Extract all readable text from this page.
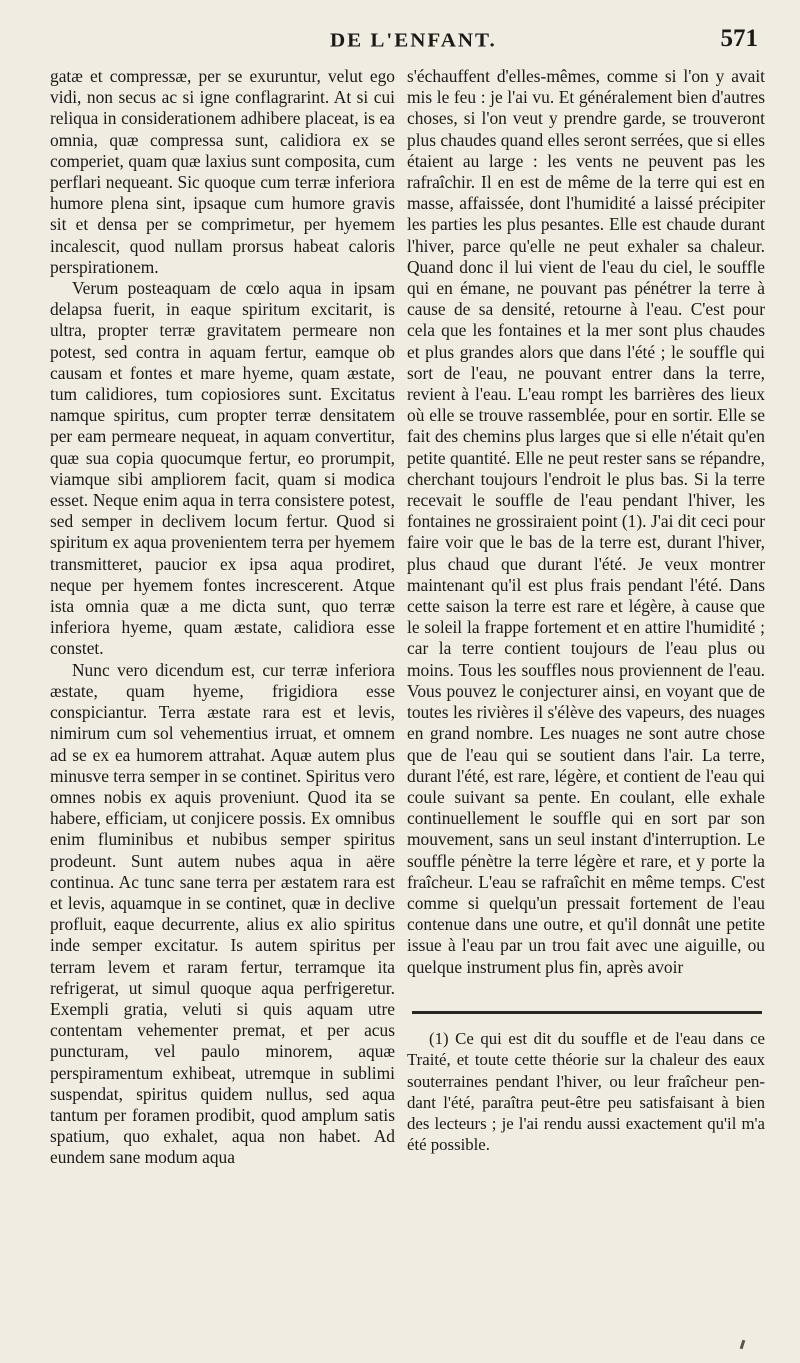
DE L'ENFANT.	571

gatæ et compressæ, per se exuruntur, velut ego vidi, non secus ac si igne conflagrarint. At si cui reliqua in considerationem adhibere placeat, is ea omnia, quæ compressa sunt, calidiora ex se comperiet, quam quæ laxius sunt composita, cum perflari nequeant. Sic quoque cum terræ inferiora humore plena sint, ipsaque cum humore gravis sit et densa per se comprimetur, per hyemem incalescit, quod nullam prorsus habeat caloris perspirationem.

Verum posteaquam de cœlo aqua in ipsam delapsa fuerit, in eaque spiritum excitarit, is ultra, propter terræ gravitatem permeare non potest, sed contra in aquam fertur, eamque ob causam et fontes et mare hyeme, quam æstate, tum calidiores, tum copiosiores sunt. Excitatus namque spiritus, cum propter terræ densitatem per eam permeare nequeat, in aquam convertitur, quæ sua copia quocumque fertur, eo prorumpit, viamque sibi ampliorem facit, quam si modica esset. Neque enim aqua in terra consistere potest, sed semper in declivem locum fertur. Quod si spiritum ex aqua provenientem terra per hyemem transmitteret, paucior ex ipsa aqua prodiret, neque per hyemem fontes increscerent. Atque ista omnia quæ a me dicta sunt, quo terræ inferiora hyeme, quam æstate, calidiora esse constet.

Nunc vero dicendum est, cur terræ inferiora æstate, quam hyeme, frigidiora esse conspiciantur. Terra æstate rara est et levis, nimirum cum sol vehementius irruat, et omnem ad se ex ea humorem attrahat. Aquæ autem plus minusve terra semper in se continet. Spiritus vero omnes nobis ex aquis proveniunt. Quod ita se habere, efficiam, ut conjicere possis. Ex omnibus enim fluminibus et nubibus semper spiritus prodeunt. Sunt autem nubes aqua in aëre continua. Ac tunc sane terra per æstatem rara est et levis, aquamque in se continet, quæ in declive profluit, eaque decurrente, alius ex alio spiritus inde semper excitatur. Is autem spiritus per terram levem et raram fertur, terramque ita refrigerat, ut simul quoque aqua perfrigeretur. Exempli gratia, veluti si quis aquam utre contentam vehementer premat, et per acus puncturam, vel paulo minorem, aquæ perspiramentum exhibeat, utremque in sublimi suspendat, spiritus quidem nullus, sed aqua tantum per foramen prodibit, quod amplum satis spatium, quo exhalet, aqua non habet. Ad eundem sane modum aqua

s'échauffent d'elles-mêmes, comme si l'on y avait mis le feu : je l'ai vu. Et généralement bien d'autres choses, si l'on veut y prendre garde, se trouveront plus chaudes quand elles seront serrées, que si elles étaient au large : les vents ne peuvent pas les rafraîchir. Il en est de même de la terre qui est en masse, affaissée, dont l'humidité a laissé précipiter les parties les plus pesantes. Elle est chaude durant l'hiver, parce qu'elle ne peut exhaler sa chaleur. Quand donc il lui vient de l'eau du ciel, le souffle qui en émane, ne pouvant pas pénétrer la terre à cause de sa densité, retourne à l'eau. C'est pour cela que les fontaines et la mer sont plus chaudes et plus grandes alors que dans l'été ; le souffle qui sort de l'eau, ne pouvant entrer dans la terre, revient à l'eau. L'eau rompt les barrières des lieux où elle se trouve rassemblée, pour en sortir. Elle se fait des chemins plus larges que si elle n'était qu'en petite quantité. Elle ne peut rester sans se répandre, cherchant toujours l'endroit le plus bas. Si la terre recevait le souffle de l'eau pendant l'hiver, les fontaines ne grossiraient point (1). J'ai dit ceci pour faire voir que le bas de la terre est, durant l'hiver, plus chaud que durant l'été. Je veux montrer maintenant qu'il est plus frais pendant l'été. Dans cette saison la terre est rare et légère, à cause que le soleil la frappe fortement et en attire l'humidité ; car la terre contient toujours de l'eau plus ou moins. Tous les souffles nous proviennent de l'eau. Vous pouvez le conjecturer ainsi, en voyant que de toutes les rivières il s'élève des vapeurs, des nuages en grand nombre. Les nuages ne sont autre chose que de l'eau qui se soutient dans l'air. La terre, durant l'été, est rare, légère, et contient de l'eau qui coule suivant sa pente. En coulant, elle exhale continuellement le souffle qui en sort par son mouvement, sans un seul instant d'interruption. Le souffle pénètre la terre légère et rare, et y porte la fraîcheur. L'eau se rafraîchit en même temps. C'est comme si quelqu'un pressait fortement de l'eau contenue dans une outre, et qu'il donnât une petite issue à l'eau par un trou fait avec une aiguille, ou quelque instrument plus fin, après avoir

(1) Ce qui est dit du souffle et de l'eau dans ce Traité, et toute cette théorie sur la chaleur des eaux souterraines pendant l'hiver, ou leur fraîcheur pendant l'été, paraîtra peut-être peu satisfaisant à bien des lecteurs ; je l'ai rendu aussi exactement qu'il m'a été possible.
